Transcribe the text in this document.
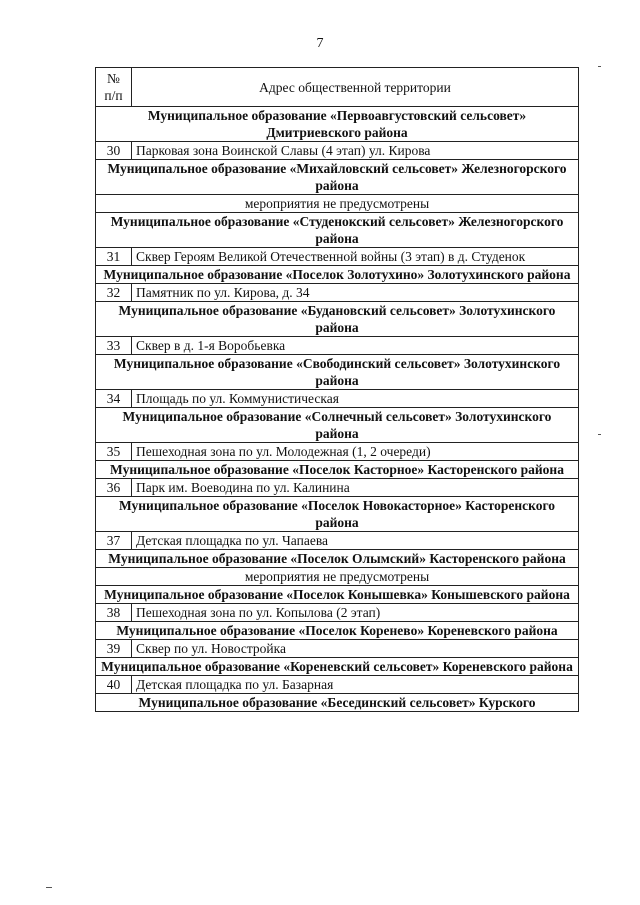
7
№
п/п	Адрес общественной территории
Муниципальное образование «Первоавгустовский сельсовет» Дмитриевского района	
30	Парковая зона Воинской Славы (4 этап) ул. Кирова
Муниципальное образование «Михайловский сельсовет» Железногорского района	
мероприятия не предусмотрены	
Муниципальное образование «Студенокский сельсовет» Железногорского района	
31	Сквер Героям Великой Отечественной войны (3 этап) в д. Студенок
Муниципальное образование «Поселок Золотухино» Золотухинского района	
32	Памятник по ул. Кирова, д. 34
Муниципальное образование «Будановский сельсовет» Золотухинского района	
33	Сквер в д. 1-я Воробьевка
Муниципальное образование «Свободинский сельсовет» Золотухинского района	
34	Площадь по ул. Коммунистическая
Муниципальное образование «Солнечный сельсовет» Золотухинского района	
35	Пешеходная зона по ул. Молодежная (1, 2 очереди)
Муниципальное образование «Поселок Касторное» Касторенского района	
36	Парк им. Воеводина по ул. Калинина
Муниципальное образование «Поселок Новокасторное» Касторенского района	
37	Детская площадка по ул. Чапаева
Муниципальное образование «Поселок Олымский» Касторенского района	
мероприятия не предусмотрены	
Муниципальное образование «Поселок Конышевка» Конышевского района	
38	Пешеходная зона по ул. Копылова (2 этап)
Муниципальное образование «Поселок Кореневo» Кореневского района	
39	Сквер по ул. Новостройка
Муниципальное образование «Кореневский сельсовет» Кореневского района	
40	Детская площадка по ул. Базарная
Муниципальное образование «Бесединский сельсовет» Курского	
